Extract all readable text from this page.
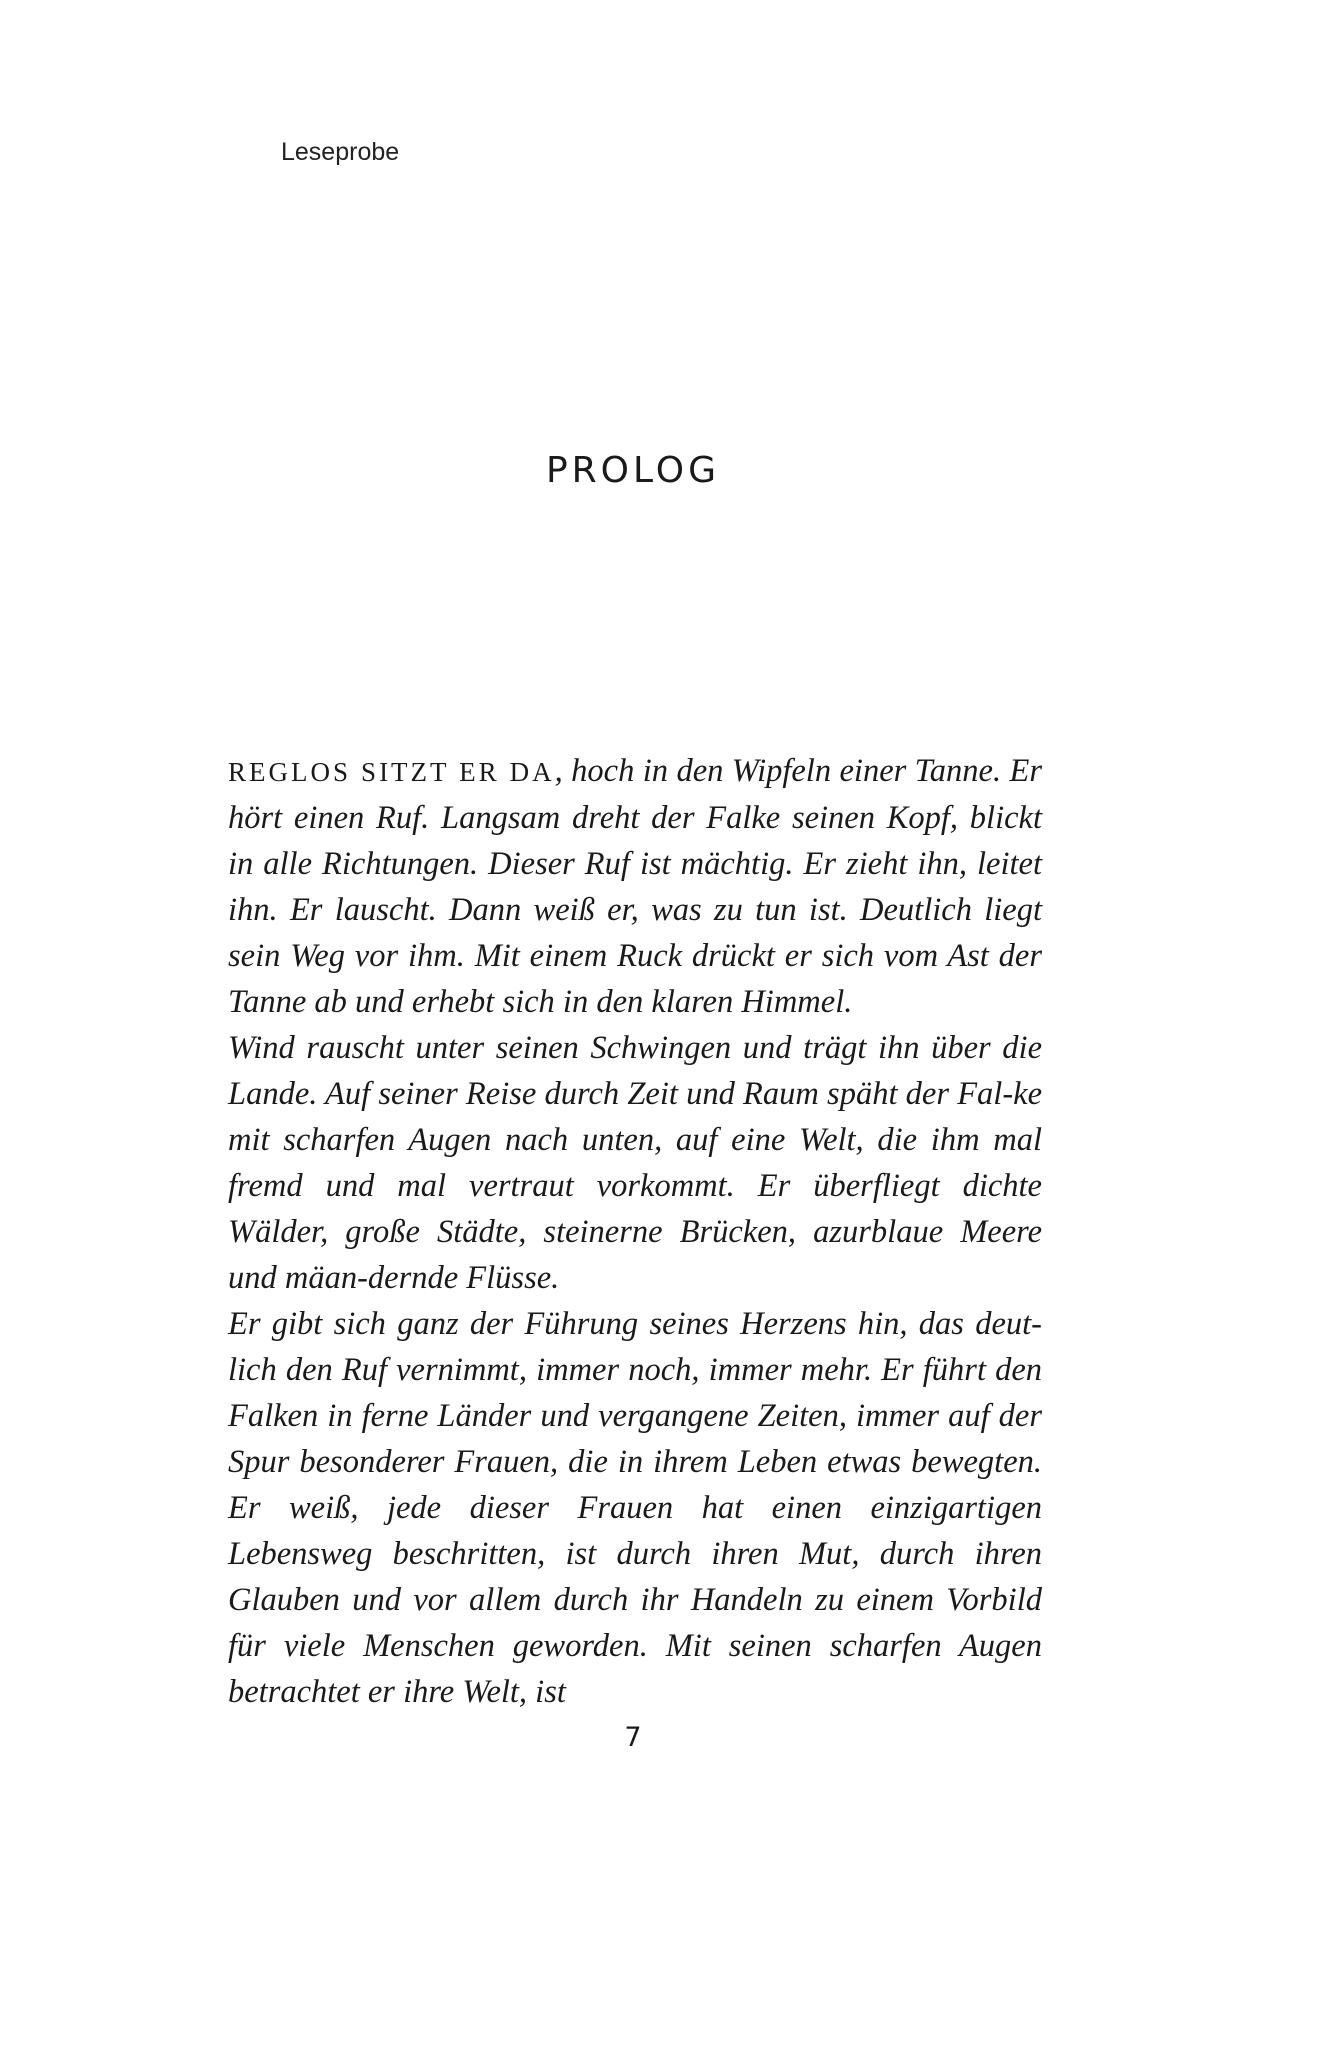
Leseprobe
PROLOG

REGLOS SITZT ER DA, hoch in den Wipfeln einer Tanne. Er hört einen Ruf. Langsam dreht der Falke seinen Kopf, blickt in alle Richtungen. Dieser Ruf ist mächtig. Er zieht ihn, leitet ihn. Er lauscht. Dann weiß er, was zu tun ist. Deutlich liegt sein Weg vor ihm. Mit einem Ruck drückt er sich vom Ast der Tanne ab und erhebt sich in den klaren Himmel.

Wind rauscht unter seinen Schwingen und trägt ihn über die Lande. Auf seiner Reise durch Zeit und Raum späht der Fal-ke mit scharfen Augen nach unten, auf eine Welt, die ihm mal fremd und mal vertraut vorkommt. Er überfliegt dichte Wälder, große Städte, steinerne Brücken, azurblaue Meere und mäan-dernde Flüsse.

Er gibt sich ganz der Führung seines Herzens hin, das deut-lich den Ruf vernimmt, immer noch, immer mehr. Er führt den Falken in ferne Länder und vergangene Zeiten, immer auf der Spur besonderer Frauen, die in ihrem Leben etwas bewegten. Er weiß, jede dieser Frauen hat einen einzigartigen Lebensweg beschritten, ist durch ihren Mut, durch ihren Glauben und vor allem durch ihr Handeln zu einem Vorbild für viele Menschen geworden. Mit seinen scharfen Augen betrachtet er ihre Welt, ist

7
